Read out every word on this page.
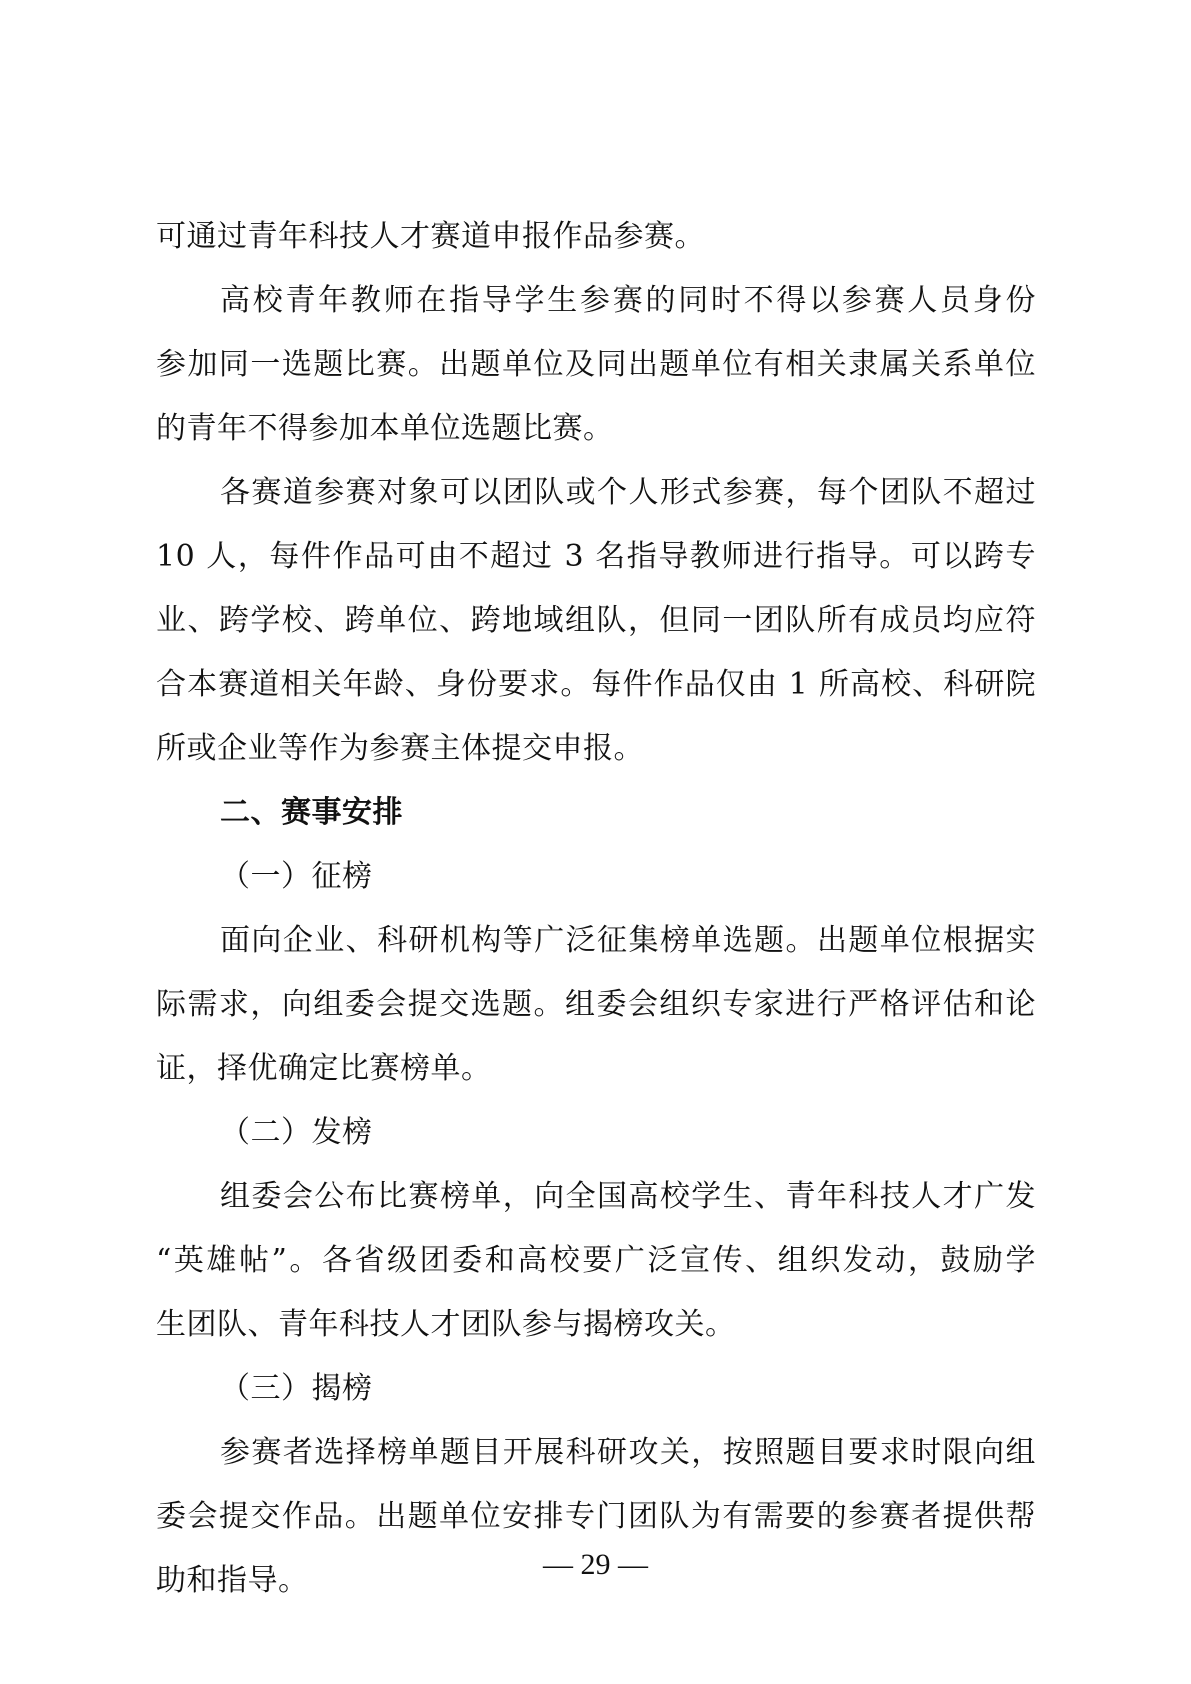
可通过青年科技人才赛道申报作品参赛。
高校青年教师在指导学生参赛的同时不得以参赛人员身份
参加同一选题比赛。出题单位及同出题单位有相关隶属关系单位
的青年不得参加本单位选题比赛。
各赛道参赛对象可以团队或个人形式参赛，每个团队不超过
10 人，每件作品可由不超过 3 名指导教师进行指导。可以跨专
业、跨学校、跨单位、跨地域组队，但同一团队所有成员均应符
合本赛道相关年龄、身份要求。每件作品仅由 1 所高校、科研院
所或企业等作为参赛主体提交申报。
二、赛事安排
（一）征榜
面向企业、科研机构等广泛征集榜单选题。出题单位根据实
际需求，向组委会提交选题。组委会组织专家进行严格评估和论
证，择优确定比赛榜单。
（二）发榜
组委会公布比赛榜单，向全国高校学生、青年科技人才广发
“英雄帖”。各省级团委和高校要广泛宣传、组织发动，鼓励学
生团队、青年科技人才团队参与揭榜攻关。
（三）揭榜
参赛者选择榜单题目开展科研攻关，按照题目要求时限向组
委会提交作品。出题单位安排专门团队为有需要的参赛者提供帮
助和指导。	— 29 —
